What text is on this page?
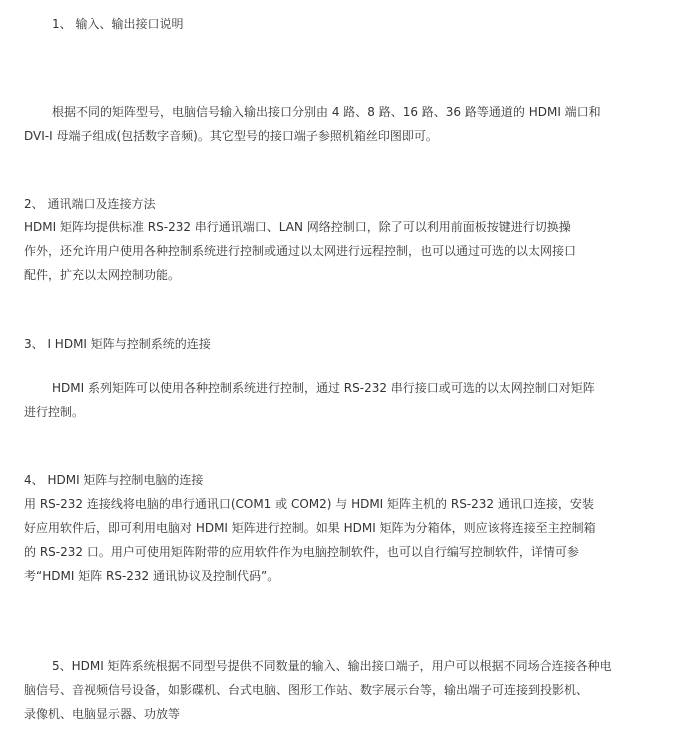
1、 输入、输出接口说明
根据不同的矩阵型号，电脑信号输入输出接口分别由 4 路、8 路、16 路、36 路等通道的 HDMI 端口和
DVI-I 母端子组成(包括数字音频)。其它型号的接口端子参照机箱丝印图即可。
2、 通讯端口及连接方法
HDMI 矩阵均提供标准 RS-232 串行通讯端口、LAN 网络控制口，除了可以利用前面板按键进行切换操
作外，还允许用户使用各种控制系统进行控制或通过以太网进行远程控制，也可以通过可选的以太网接口
配件，扩充以太网控制功能。
3、 I HDMI 矩阵与控制系统的连接
HDMI 系列矩阵可以使用各种控制系统进行控制，通过 RS-232 串行接口或可选的以太网控制口对矩阵
进行控制。
4、 HDMI 矩阵与控制电脑的连接
用 RS-232 连接线将电脑的串行通讯口(COM1 或 COM2) 与 HDMI 矩阵主机的 RS-232 通讯口连接，安装
好应用软件后，即可利用电脑对 HDMI 矩阵进行控制。如果 HDMI 矩阵为分箱体，则应该将连接至主控制箱
的 RS-232 口。用户可使用矩阵附带的应用软件作为电脑控制软件，也可以自行编写控制软件，详情可参
考“HDMI 矩阵 RS-232 通讯协议及控制代码”。
5、HDMI 矩阵系统根据不同型号提供不同数量的输入、输出接口端子，用户可以根据不同场合连接各种电
脑信号、音视频信号设备，如影碟机、台式电脑、图形工作站、数字展示台等，输出端子可连接到投影机、
录像机、电脑显示器、功放等
